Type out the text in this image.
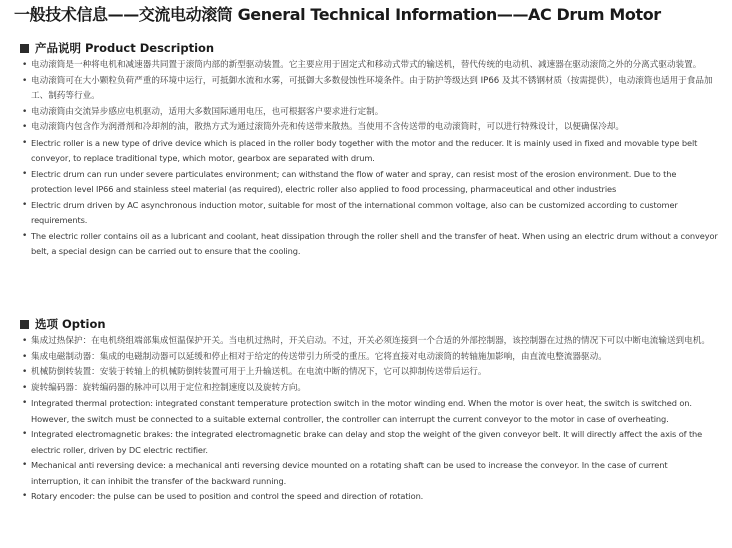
一般技术信息——交流电动滚筒 General Technical Information——AC Drum Motor
产品说明 Product Description
• 电动滚筒是一种将电机和减速器共同置于滚筒内部的新型驱动装置。它主要应用于固定式和移动式带式的输送机，替代传统的电动机、减速器在驱动滚筒之外的分离式驱动装置。
• 电动滚筒可在大小颗粒负荷严重的环境中运行，可抵御水流和水雾，可抵御大多数侵蚀性环境条件。由于防护等级达到 IP66 及其不锈钢材质（按需提供），电动滚筒也适用于食品加工、制药等行业。
• 电动滚筒由交流异步感应电机驱动，适用大多数国际通用电压，也可根据客户要求进行定制。
• 电动滚筒内包含作为润滑剂和冷却剂的油，散热方式为通过滚筒外壳和传送带来散热。当使用不含传送带的电动滚筒时，可以进行特殊设计，以便确保冷却。
• Electric roller is a new type of drive device which is placed in the roller body together with the motor and the reducer. It is mainly used in fixed and movable type belt conveyor, to replace traditional type, which motor, gearbox are separated with drum.
• Electric drum can run under severe particulates environment; can withstand the flow of water and spray, can resist most of the erosion environment. Due to the protection level IP66 and stainless steel material (as required), electric roller also applied to food processing, pharmaceutical and other industries
• Electric drum driven by AC asynchronous induction motor, suitable for most of the international common voltage, also can be customized according to customer requirements.
• The electric roller contains oil as a lubricant and coolant, heat dissipation through the roller shell and the transfer of heat. When using an electric drum without a conveyor belt, a special design can be carried out to ensure that the cooling.
选项 Option
• 集成过热保护：在电机绕组端部集成恒温保护开关。当电机过热时，开关启动。不过，开关必须连接到一个合适的外部控制器，该控制器在过热的情况下可以中断电流输送到电机。
• 集成电磁制动器：集成的电磁制动器可以延缓和停止相对于给定的传送带引力所受的重压。它将直接对电动滚筒的转轴施加影响，由直流电整流器驱动。
• 机械防倒转装置：安装于转轴上的机械防倒转装置可用于上升输送机。在电流中断的情况下，它可以抑制传送带后运行。
• 旋转编码器：旋转编码器的脉冲可以用于定位和控制速度以及旋转方向。
• Integrated thermal protection: integrated constant temperature protection switch in the motor winding end. When the motor is over heat, the switch is switched on. However, the switch must be connected to a suitable external controller, the controller can interrupt the current conveyor to the motor in case of overheating.
• Integrated electromagnetic brakes: the integrated electromagnetic brake can delay and stop the weight of the given conveyor belt. It will directly affect the axis of the electric roller, driven by DC electric rectifier.
• Mechanical anti reversing device: a mechanical anti reversing device mounted on a rotating shaft can be used to increase the conveyor. In the case of current interruption, it can inhibit the transfer of the backward running.
• Rotary encoder: the pulse can be used to position and control the speed and direction of rotation.
